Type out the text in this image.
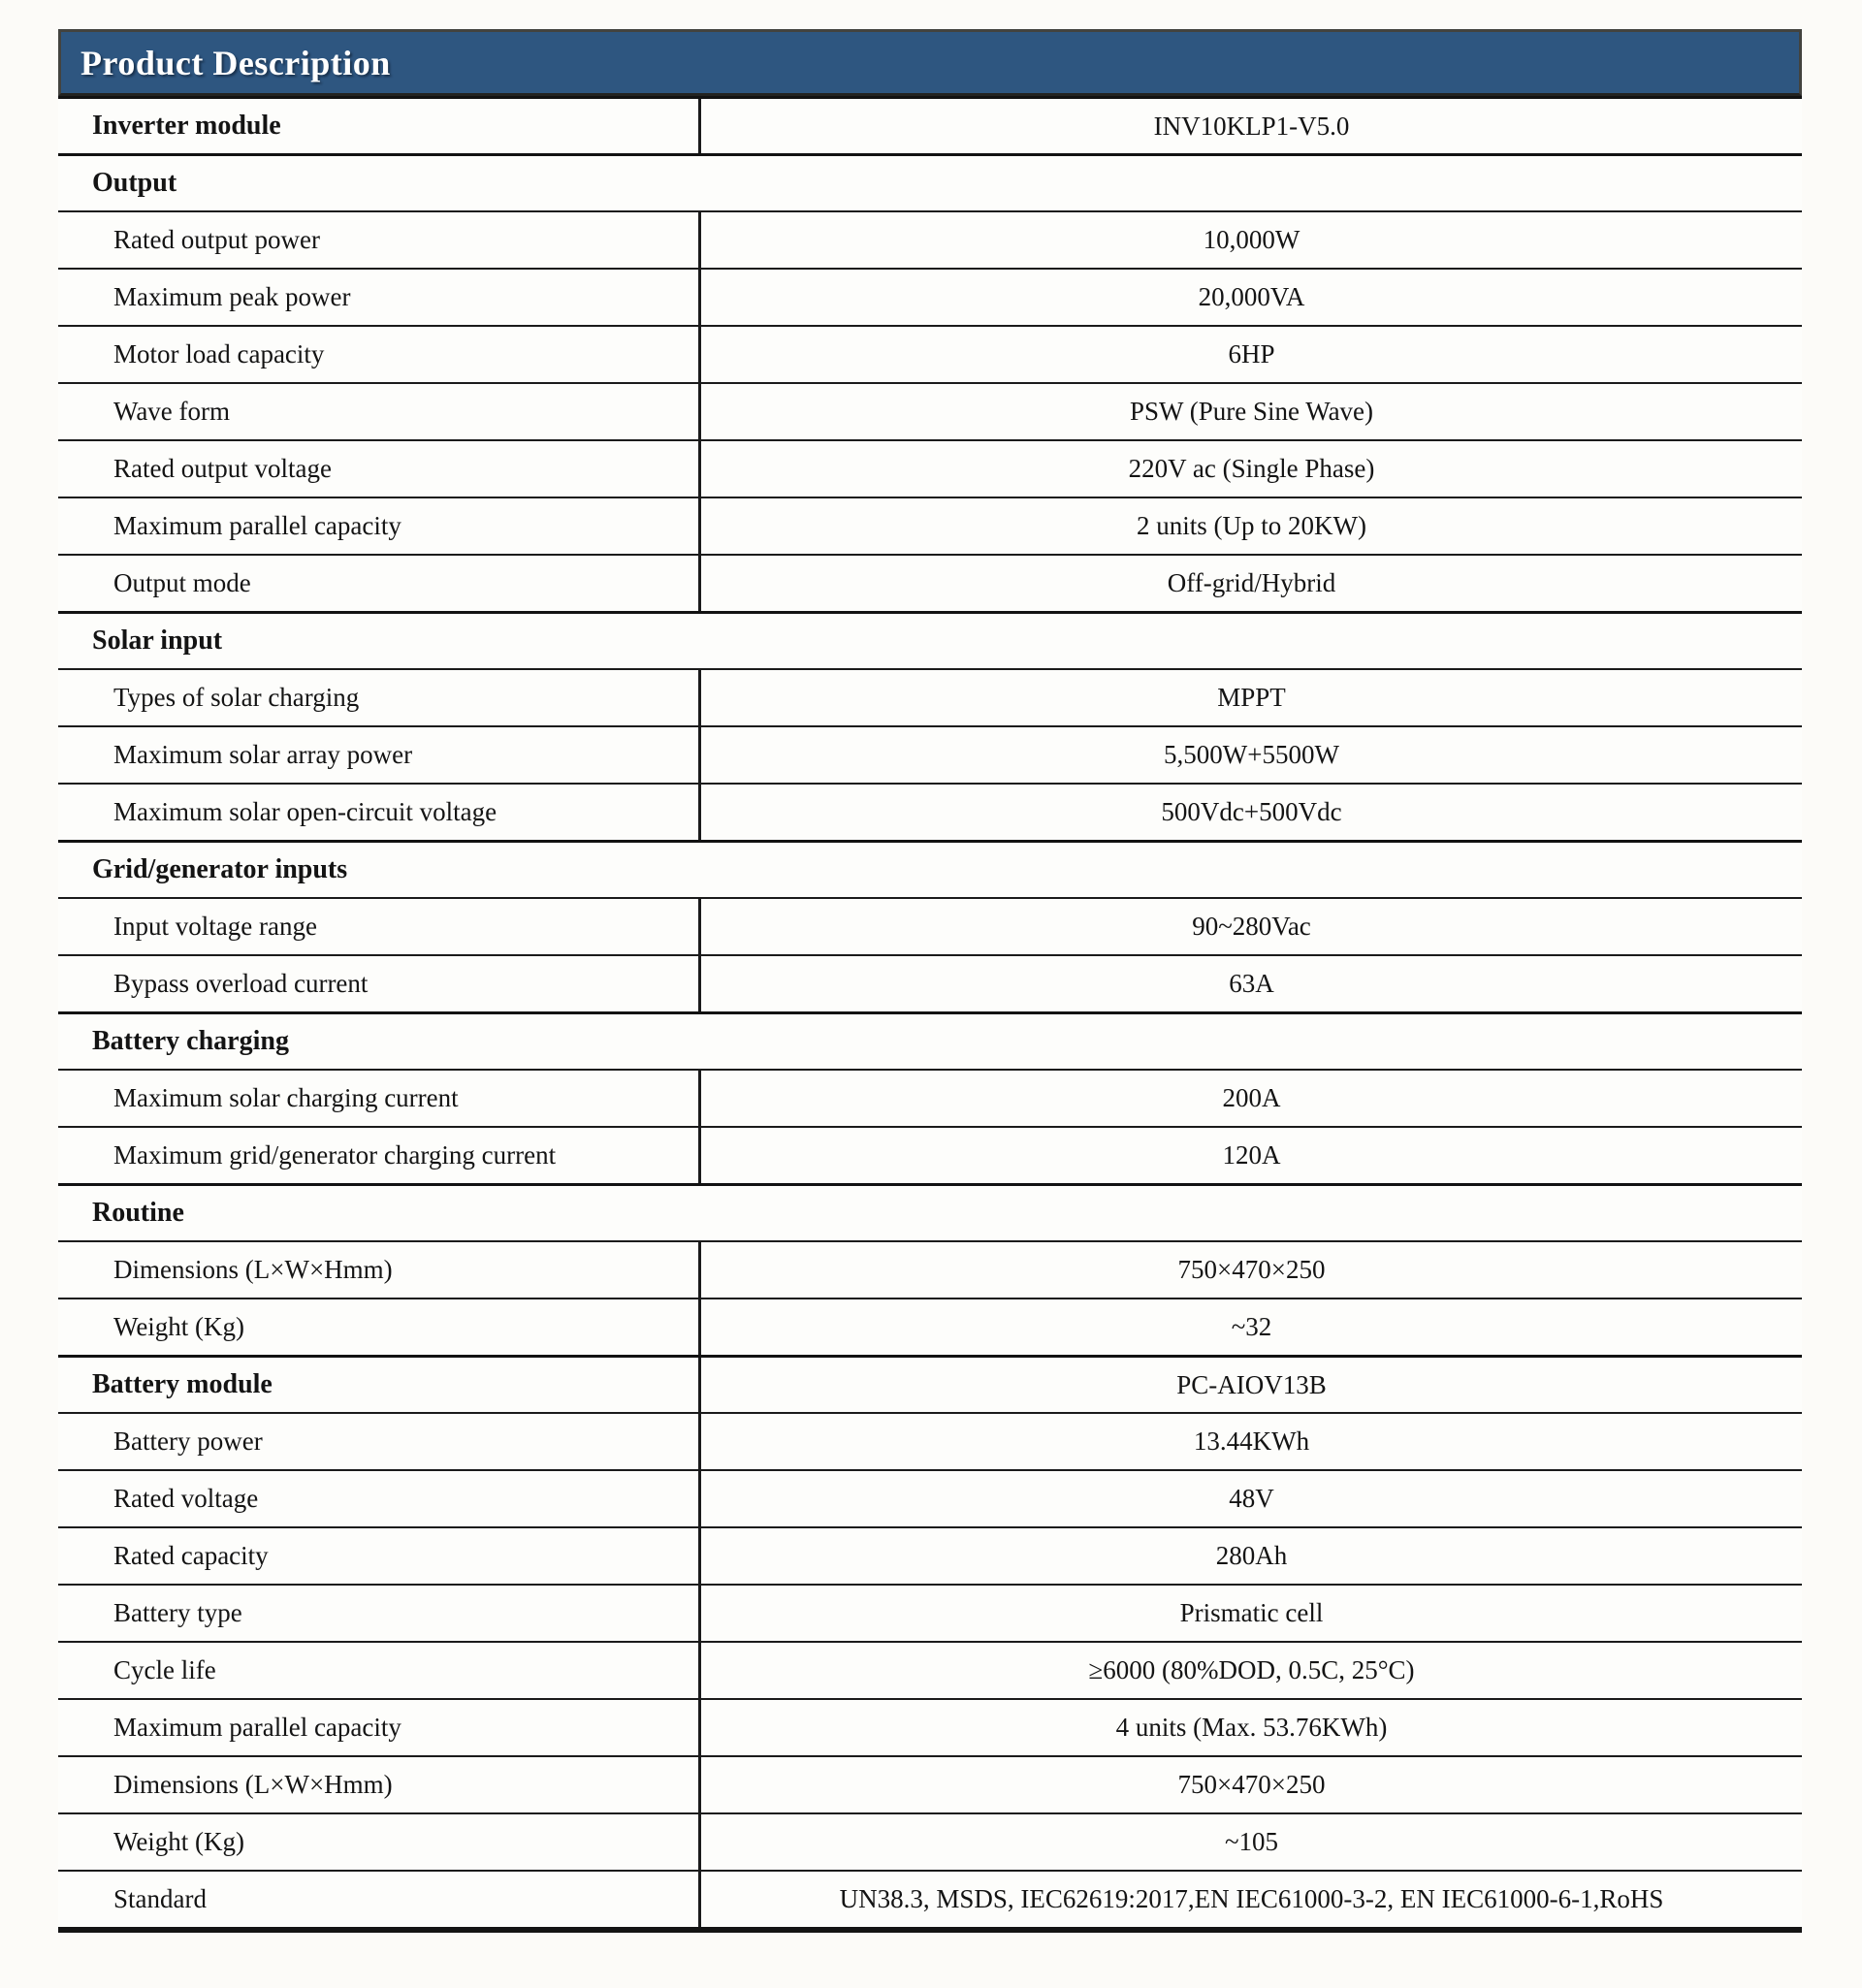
Product Description
Inverter module	INV10KLP1-V5.0
Output
Rated output power	10,000W
Maximum peak power	20,000VA
Motor load capacity	6HP
Wave form	PSW (Pure Sine Wave)
Rated output voltage	220V ac (Single Phase)
Maximum parallel capacity	2 units (Up to 20KW)
Output mode	Off-grid/Hybrid
Solar input
Types of solar charging	MPPT
Maximum solar array power	5,500W+5500W
Maximum solar open-circuit voltage	500Vdc+500Vdc
Grid/generator inputs
Input voltage range	90~280Vac
Bypass overload current	63A
Battery charging
Maximum solar charging current	200A
Maximum grid/generator charging current	120A
Routine
Dimensions (L×W×Hmm)	750×470×250
Weight (Kg)	~32
Battery module	PC-AIOV13B
Battery power	13.44KWh
Rated voltage	48V
Rated capacity	280Ah
Battery type	Prismatic cell
Cycle life	≥6000 (80%DOD, 0.5C, 25°C)
Maximum parallel capacity	4 units (Max. 53.76KWh)
Dimensions (L×W×Hmm)	750×470×250
Weight (Kg)	~105
Standard	UN38.3, MSDS, IEC62619:2017,EN IEC61000-3-2, EN IEC61000-6-1,RoHS
